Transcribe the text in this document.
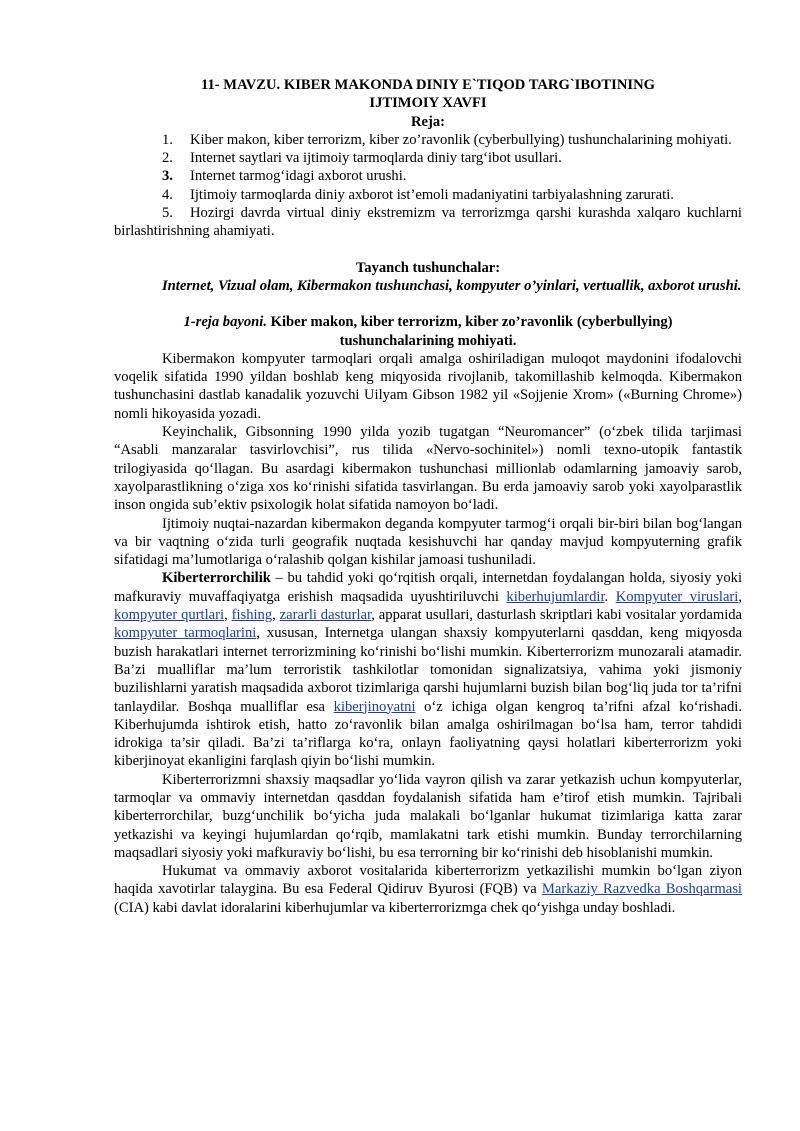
11- MAVZU. KIBER MAKONDA DINIY E`TIQOD TARG`IBOTINING
IJTIMOIY XAVFI

Reja:

1. Kiber makon, kiber terrorizm, kiber zo’ravonlik (cyberbullying) tushunchalarining mohiyati.

2. Internet saytlari va ijtimoiy tarmoqlarda diniy targ‘ibot usullari.

3. Internet tarmog‘idagi axborot urushi.

4. Ijtimoiy tarmoqlarda diniy axborot ist’emoli madaniyatini tarbiyalashning zarurati.

5. Hozirgi davrda virtual diniy ekstremizm va terrorizmga qarshi kurashda xalqaro kuchlarni birlashtirishning ahamiyati.

Tayanch tushunchalar:

Internet, Vizual olam, Kibermakon tushunchasi, kompyuter o’yinlari, vertuallik, axborot urushi.

1-reja bayoni. Kiber makon, kiber terrorizm, kiber zo’ravonlik (cyberbullying)
tushunchalarining mohiyati.

Kibermakon kompyuter tarmoqlari orqali amalga oshiriladigan muloqot maydonini ifodalovchi voqelik sifatida 1990 yildan boshlab keng miqyosida rivojlanib, takomillashib kelmoqda. Kibermakon tushunchasini dastlab kanadalik yozuvchi Uilyam Gibson 1982 yil «Sojjenie Xrom» («Burning Chrome») nomli hikoyasida yozadi.

Keyinchalik, Gibsonning 1990 yilda yozib tugatgan “Neuromancer” (o‘zbek tilida tarjimasi “Asabli manzaralar tasvirlovchisi”, rus tilida «Nervo-sochinitel») nomli texno-utopik fantastik trilogiyasida qo‘llagan. Bu asardagi kibermakon tushunchasi millionlab odamlarning jamoaviy sarob, xayolparastlikning o‘ziga xos ko‘rinishi sifatida tasvirlangan. Bu erda jamoaviy sarob yoki xayolparastlik inson ongida sub’ektiv psixologik holat sifatida namoyon bo‘ladi.

Ijtimoiy nuqtai-nazardan kibermakon deganda kompyuter tarmog‘i orqali bir-biri bilan bog‘langan va bir vaqtning o‘zida turli geografik nuqtada kesishuvchi har qanday mavjud kompyuterning grafik sifatidagi ma’lumotlariga o‘ralashib qolgan kishilar jamoasi tushuniladi.

Kiberterrorchilik – bu tahdid yoki qo‘rqitish orqali, internetdan foydalangan holda, siyosiy yoki mafkuraviy muvaffaqiyatga erishish maqsadida uyushtiriluvchi kiberhujumlardir. Kompyuter viruslari, kompyuter qurtlari, fishing, zararli dasturlar, apparat usullari, dasturlash skriptlari kabi vositalar yordamida kompyuter tarmoqlarini, xususan, Internetga ulangan shaxsiy kompyuterlarni qasddan, keng miqyosda buzish harakatlari internet terrorizmining ko‘rinishi bo‘lishi mumkin. Kiberterrorizm munozarali atamadir. Ba’zi mualliflar ma’lum terroristik tashkilotlar tomonidan signalizatsiya, vahima yoki jismoniy buzilishlarni yaratish maqsadida axborot tizimlariga qarshi hujumlarni buzish bilan bog‘liq juda tor ta’rifni tanlaydilar. Boshqa mualliflar esa kiberjinoyatni o‘z ichiga olgan kengroq ta’rifni afzal ko‘rishadi. Kiberhujumda ishtirok etish, hatto zo‘ravonlik bilan amalga oshirilmagan bo‘lsa ham, terror tahdidi idrokiga ta’sir qiladi. Ba’zi ta’riflarga ko‘ra, onlayn faoliyatning qaysi holatlari kiberterrorizm yoki kiberjinoyat ekanligini farqlash qiyin bo‘lishi mumkin.

Kiberterrorizmni shaxsiy maqsadlar yo‘lida vayron qilish va zarar yetkazish uchun kompyuterlar, tarmoqlar va ommaviy internetdan qasddan foydalanish sifatida ham e’tirof etish mumkin. Tajribali kiberterrorchilar, buzg‘unchilik bo‘yicha juda malakali bo‘lganlar hukumat tizimlariga katta zarar yetkazishi va keyingi hujumlardan qo‘rqib, mamlakatni tark etishi mumkin. Bunday terrorchilarning maqsadlari siyosiy yoki mafkuraviy bo‘lishi, bu esa terrorning bir ko‘rinishi deb hisoblanishi mumkin.

Hukumat va ommaviy axborot vositalarida kiberterrorizm yetkazilishi mumkin bo‘lgan ziyon haqida xavotirlar talaygina. Bu esa Federal Qidiruv Byurosi (FQB) va Markaziy Razvedka Boshqarmasi (CIA) kabi davlat idoralarini kiberhujumlar va kiberterrorizmga chek qo‘yishga unday boshladi.
